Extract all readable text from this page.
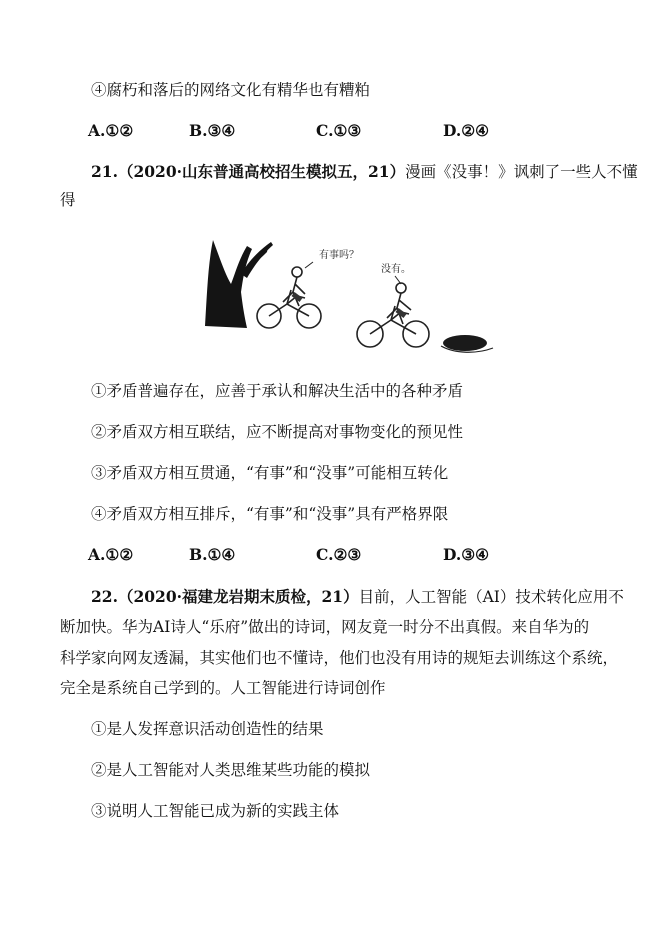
④腐朽和落后的网络文化有精华也有糟粕
A.①②	B.③④	C.①③	D.②④
21.（2020·山东普通高校招生模拟五，21）漫画《没事！》讽刺了一些人不懂
得
有事吗？
没有。
①矛盾普遍存在，应善于承认和解决生活中的各种矛盾
②矛盾双方相互联结，应不断提高对事物变化的预见性
③矛盾双方相互贯通，“有事”和“没事”可能相互转化
④矛盾双方相互排斥，“有事”和“没事”具有严格界限
A.①②	B.①④	C.②③	D.③④
22.（2020·福建龙岩期末质检，21）目前，人工智能（AI）技术转化应用不
断加快。华为AI诗人“乐府”做出的诗词，网友竟一时分不出真假。来自华为的
科学家向网友透漏，其实他们也不懂诗，他们也没有用诗的规矩去训练这个系统，
完全是系统自己学到的。人工智能进行诗词创作
①是人发挥意识活动创造性的结果
②是人工智能对人类思维某些功能的模拟
③说明人工智能已成为新的实践主体
